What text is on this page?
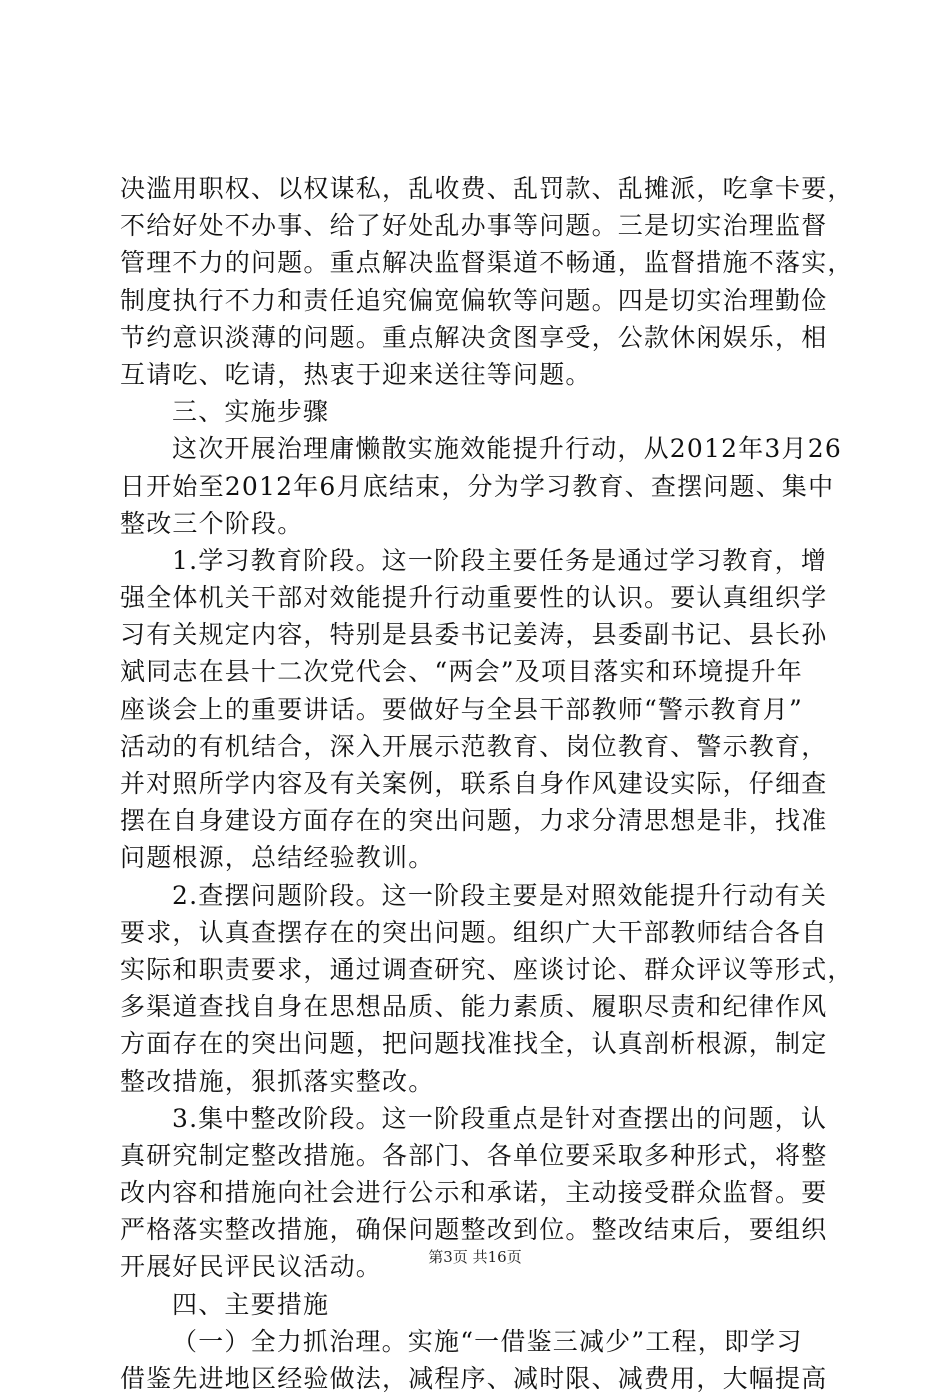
决滥用职权、以权谋私，乱收费、乱罚款、乱摊派，吃拿卡要，
不给好处不办事、给了好处乱办事等问题。三是切实治理监督
管理不力的问题。重点解决监督渠道不畅通，监督措施不落实，
制度执行不力和责任追究偏宽偏软等问题。四是切实治理勤俭
节约意识淡薄的问题。重点解决贪图享受，公款休闲娱乐，相
互请吃、吃请，热衷于迎来送往等问题。
三、实施步骤
这次开展治理庸懒散实施效能提升行动，从2012年3月26
日开始至2012年6月底结束，分为学习教育、查摆问题、集中
整改三个阶段。
1.学习教育阶段。这一阶段主要任务是通过学习教育，增
强全体机关干部对效能提升行动重要性的认识。要认真组织学
习有关规定内容，特别是县委书记姜涛，县委副书记、县长孙
斌同志在县十二次党代会、“两会”及项目落实和环境提升年
座谈会上的重要讲话。要做好与全县干部教师“警示教育月”
活动的有机结合，深入开展示范教育、岗位教育、警示教育，
并对照所学内容及有关案例，联系自身作风建设实际，仔细查
摆在自身建设方面存在的突出问题，力求分清思想是非，找准
问题根源，总结经验教训。
2.查摆问题阶段。这一阶段主要是对照效能提升行动有关
要求，认真查摆存在的突出问题。组织广大干部教师结合各自
实际和职责要求，通过调查研究、座谈讨论、群众评议等形式，
多渠道查找自身在思想品质、能力素质、履职尽责和纪律作风
方面存在的突出问题，把问题找准找全，认真剖析根源，制定
整改措施，狠抓落实整改。
3.集中整改阶段。这一阶段重点是针对查摆出的问题，认
真研究制定整改措施。各部门、各单位要采取多种形式，将整
改内容和措施向社会进行公示和承诺，主动接受群众监督。要
严格落实整改措施，确保问题整改到位。整改结束后，要组织
开展好民评民议活动。
四、主要措施
（一）全力抓治理。实施“一借鉴三减少”工程，即学习
借鉴先进地区经验做法，减程序、减时限、减费用，大幅提高
第3页 共16页
